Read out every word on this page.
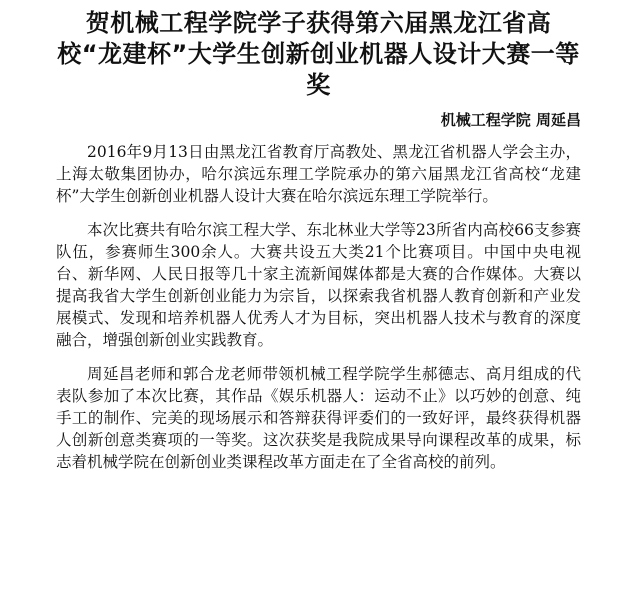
贺机械工程学院学子获得第六届黑龙江省高校“龙建杯”大学生创新创业机器人设计大赛一等奖
机械工程学院 周延昌

2016年9月13日由黑龙江省教育厅高教处、黑龙江省机器人学会主办，上海太敬集团协办，哈尔滨远东理工学院承办的第六届黑龙江省高校“龙建杯”大学生创新创业机器人设计大赛在哈尔滨远东理工学院举行。

本次比赛共有哈尔滨工程大学、东北林业大学等23所省内高校66支参赛队伍，参赛师生300余人。大赛共设五大类21个比赛项目。中国中央电视台、新华网、人民日报等几十家主流新闻媒体都是大赛的合作媒体。大赛以提高我省大学生创新创业能力为宗旨，以探索我省机器人教育创新和产业发展模式、发现和培养机器人优秀人才为目标，突出机器人技术与教育的深度融合，增强创新创业实践教育。

周延昌老师和郭合龙老师带领机械工程学院学生郝德志、高月组成的代表队参加了本次比赛，其作品《娱乐机器人：运动不止》以巧妙的创意、纯手工的制作、完美的现场展示和答辩获得评委们的一致好评，最终获得机器人创新创意类赛项的一等奖。这次获奖是我院成果导向课程改革的成果，标志着机械学院在创新创业类课程改革方面走在了全省高校的前列。
